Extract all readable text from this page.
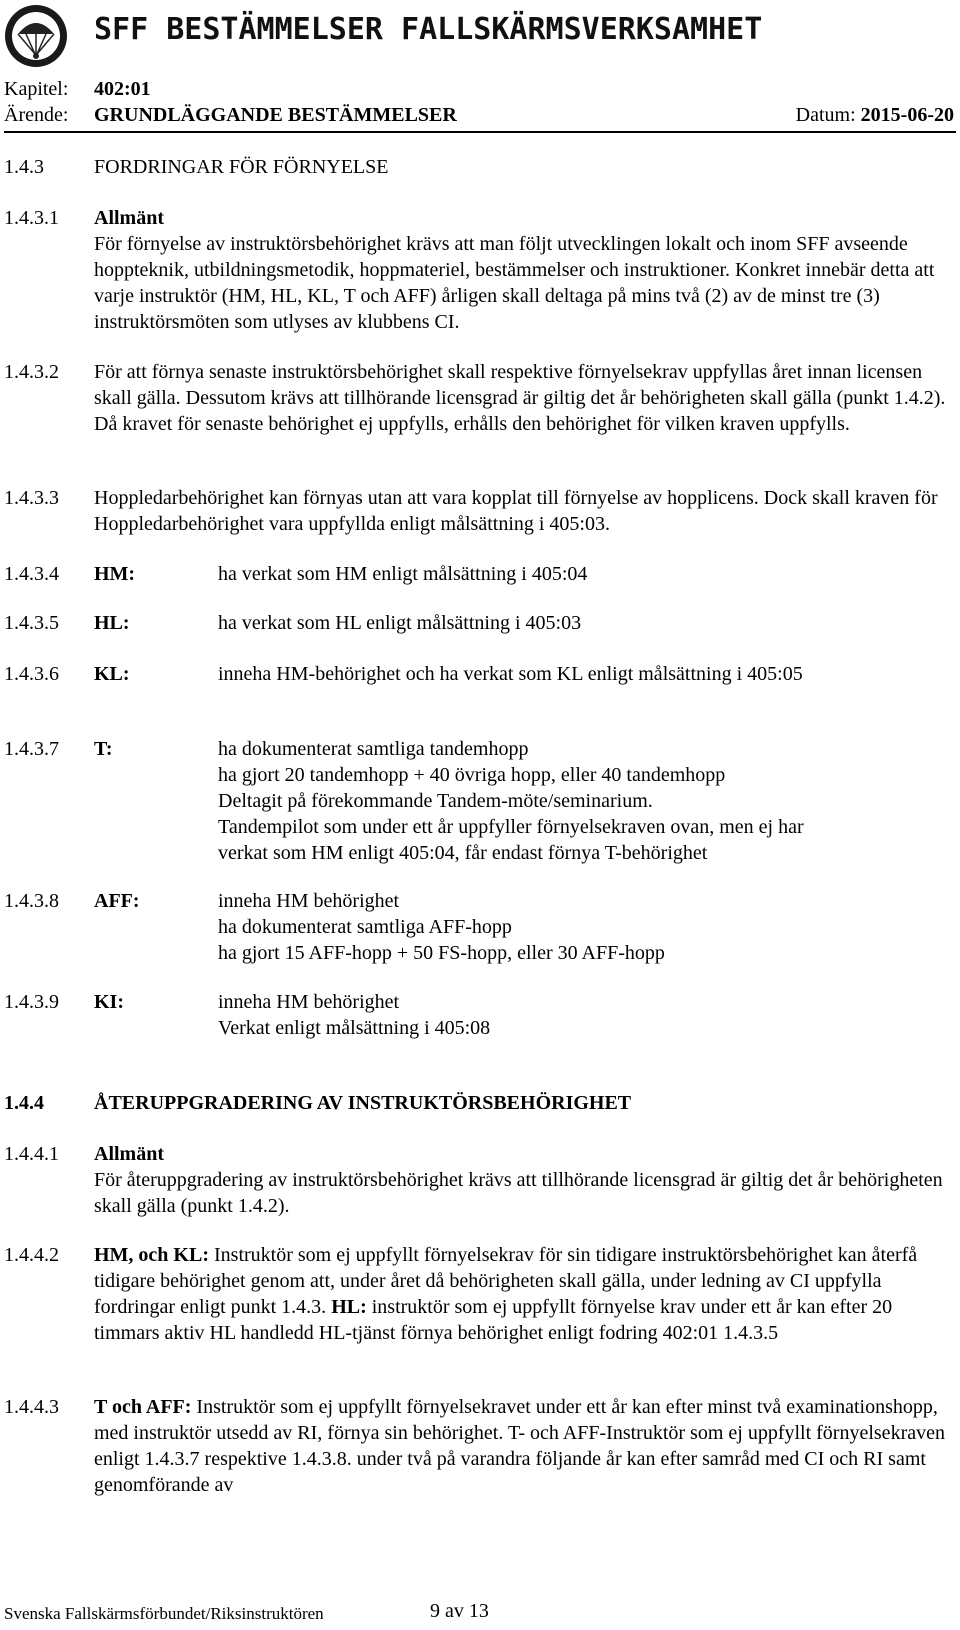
SFF BESTÄMMELSER FALLSKÄRMSVERKSAMHET
Kapitel: 402:01
Ärende: GRUNDLÄGGANDE BESTÄMMELSER	Datum: 2015-06-20
1.4.3	FORDRINGAR FÖR FÖRNYELSE
1.4.3.1 Allmänt

För förnyelse av instruktörsbehörighet krävs att man följt utvecklingen lokalt och inom SFF avseende hoppteknik, utbildningsmetodik, hoppmateriel, bestämmelser och instruktioner. Konkret innebär detta att varje instruktör (HM, HL, KL, T och AFF) årligen skall deltaga på mins två (2) av de minst tre (3) instruktörsmöten som utlyses av klubbens CI.

1.4.3.2 För att förnya senaste instruktörsbehörighet skall respektive förnyelsekrav uppfyllas året innan licensen skall gälla. Dessutom krävs att tillhörande licensgrad är giltig det år behörigheten skall gälla (punkt 1.4.2). Då kravet för senaste behörighet ej uppfylls, erhålls den behörighet för vilken kraven uppfylls.
1.4.3.3 Hoppledarbehörighet kan förnyas utan att vara kopplat till förnyelse av hopplicens. Dock skall kraven för Hoppledarbehörighet vara uppfyllda enligt målsättning i 405:03.
1.4.3.4 HM:	ha verkat som HM enligt målsättning i 405:04
1.4.3.5 HL:	ha verkat som HL enligt målsättning i 405:03
1.4.3.6 KL:	inneha HM-behörighet och ha verkat som KL enligt målsättning i 405:05
1.4.3.7 T:	ha dokumenterat samtliga tandemhopp
ha gjort 20 tandemhopp + 40 övriga hopp, eller 40 tandemhopp
Deltagit på förekommande Tandem-möte/seminarium.
Tandempilot som under ett år uppfyller förnyelsekraven ovan, men ej har
verkat som HM enligt 405:04, får endast förnya T-behörighet
1.4.3.8 AFF:	inneha HM behörighet
ha dokumenterat samtliga AFF-hopp
ha gjort 15 AFF-hopp + 50 FS-hopp, eller 30 AFF-hopp
1.4.3.9 KI:	inneha HM behörighet
Verkat enligt målsättning i 405:08
1.4.4	ÅTERUPPGRADERING AV INSTRUKTÖRSBEHÖRIGHET
1.4.4.1 Allmänt

För återuppgradering av instruktörsbehörighet krävs att tillhörande licensgrad är giltig det år behörigheten skall gälla (punkt 1.4.2).

1.4.4.2 HM, och KL: Instruktör som ej uppfyllt förnyelsekrav för sin tidigare instruktörsbehörighet kan återfå tidigare behörighet genom att, under året då behörigheten skall gälla, under ledning av CI uppfylla fordringar enligt punkt 1.4.3. HL: instruktör som ej uppfyllt förnyelse krav under ett år kan efter 20 timmars aktiv HL handledd HL-tjänst förnya behörighet enligt fodring 402:01 1.4.3.5
1.4.4.3 T och AFF: Instruktör som ej uppfyllt förnyelsekravet under ett år kan efter minst två examinationshopp, med instruktör utsedd av RI, förnya sin behörighet. T- och AFF-Instruktör som ej uppfyllt förnyelsekraven enligt 1.4.3.7 respektive 1.4.3.8. under två på varandra följande år kan efter samråd med CI och RI samt genomförande av
Svenska Fallskärmsförbundet/Riksinstruktören	9 av 13
